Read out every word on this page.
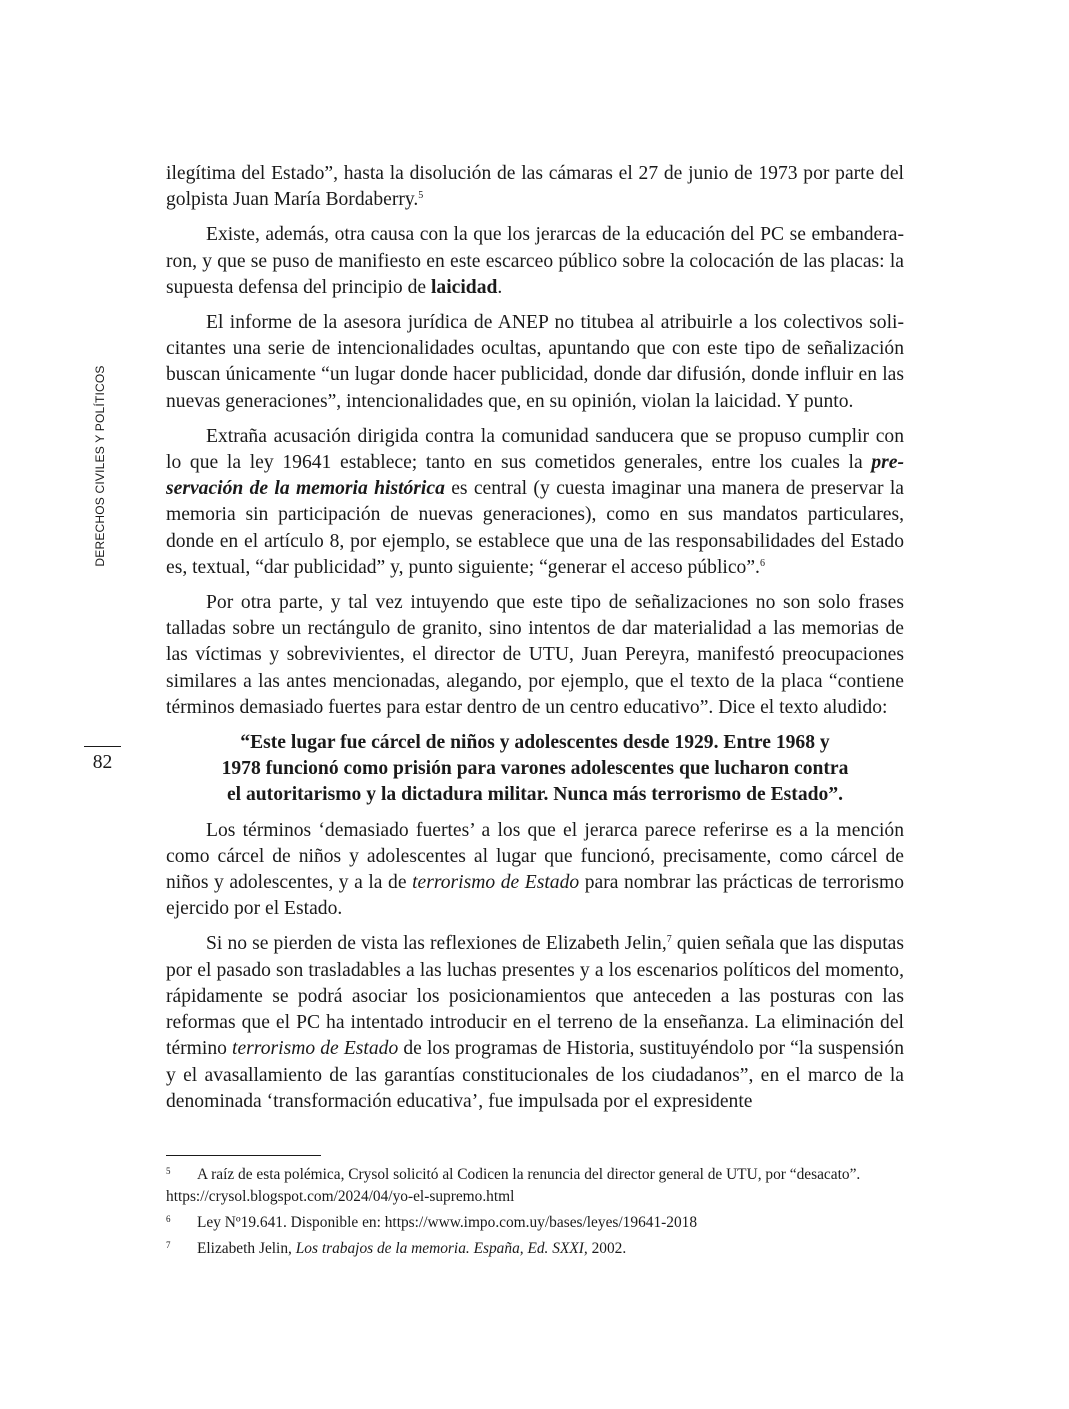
DERECHOS CIVILES Y POLÍTICOS
82

ilegítima del Estado”, hasta la disolución de las cámaras el 27 de junio de 1973 por parte del golpista Juan María Bordaberry.$^5$

Existe, además, otra causa con la que los jerarcas de la educación del PC se embanderaron, y que se puso de manifiesto en este escarceo público sobre la colocación de las placas: la supuesta defensa del principio de laicidad.

El informe de la asesora jurídica de ANEP no titubea al atribuirle a los colectivos solicitantes una serie de intencionalidades ocultas, apuntando que con este tipo de señalización buscan únicamente “un lugar donde hacer publicidad, donde dar difusión, donde influir en las nuevas generaciones”, intencionalidades que, en su opinión, violan la laicidad. Y punto.

Extraña acusación dirigida contra la comunidad sanducera que se propuso cumplir con lo que la ley 19641 establece; tanto en sus cometidos generales, entre los cuales la preservación de la memoria histórica es central (y cuesta imaginar una manera de preservar la memoria sin participación de nuevas generaciones), como en sus mandatos particulares, donde en el artículo 8, por ejemplo, se establece que una de las responsabilidades del Estado es, textual, “dar publicidad” y, punto siguiente; “generar el acceso público”.$^6$

Por otra parte, y tal vez intuyendo que este tipo de señalizaciones no son solo frases talladas sobre un rectángulo de granito, sino intentos de dar materialidad a las memorias de las víctimas y sobrevivientes, el director de UTU, Juan Pereyra, manifestó preocupaciones similares a las antes mencionadas, alegando, por ejemplo, que el texto de la placa “contiene términos demasiado fuertes para estar dentro de un centro educativo”. Dice el texto aludido:

“Este lugar fue cárcel de niños y adolescentes desde 1929. Entre 1968 y
1978 funcionó como prisión para varones adolescentes que lucharon contra
el autoritarismo y la dictadura militar. Nunca más terrorismo de Estado”.

Los términos ‘demasiado fuertes’ a los que el jerarca parece referirse es a la mención como cárcel de niños y adolescentes al lugar que funcionó, precisamente, como cárcel de niños y adolescentes, y a la de terrorismo de Estado para nombrar las prácticas de terrorismo ejercido por el Estado.

Si no se pierden de vista las reflexiones de Elizabeth Jelin,$^7$ quien señala que las disputas por el pasado son trasladables a las luchas presentes y a los escenarios políticos del momento, rápidamente se podrá asociar los posicionamientos que anteceden a las posturas con las reformas que el PC ha intentado introducir en el terreno de la enseñanza. La eliminación del término terrorismo de Estado de los programas de Historia, sustituyéndolo por “la suspensión y el avasallamiento de las garantías constitucionales de los ciudadanos”, en el marco de la denominada ‘transformación educativa’, fue impulsada por el expresidente

5 A raíz de esta polémica, Crysol solicitó al Codicen la renuncia del director general de UTU, por “desacato”.
https://crysol.blogspot.com/2024/04/yo-el-supremo.html

6 Ley Nº19.641. Disponible en: https://www.impo.com.uy/bases/leyes/19641-2018

7 Elizabeth Jelin, Los trabajos de la memoria. España, Ed. SXXI, 2002.
